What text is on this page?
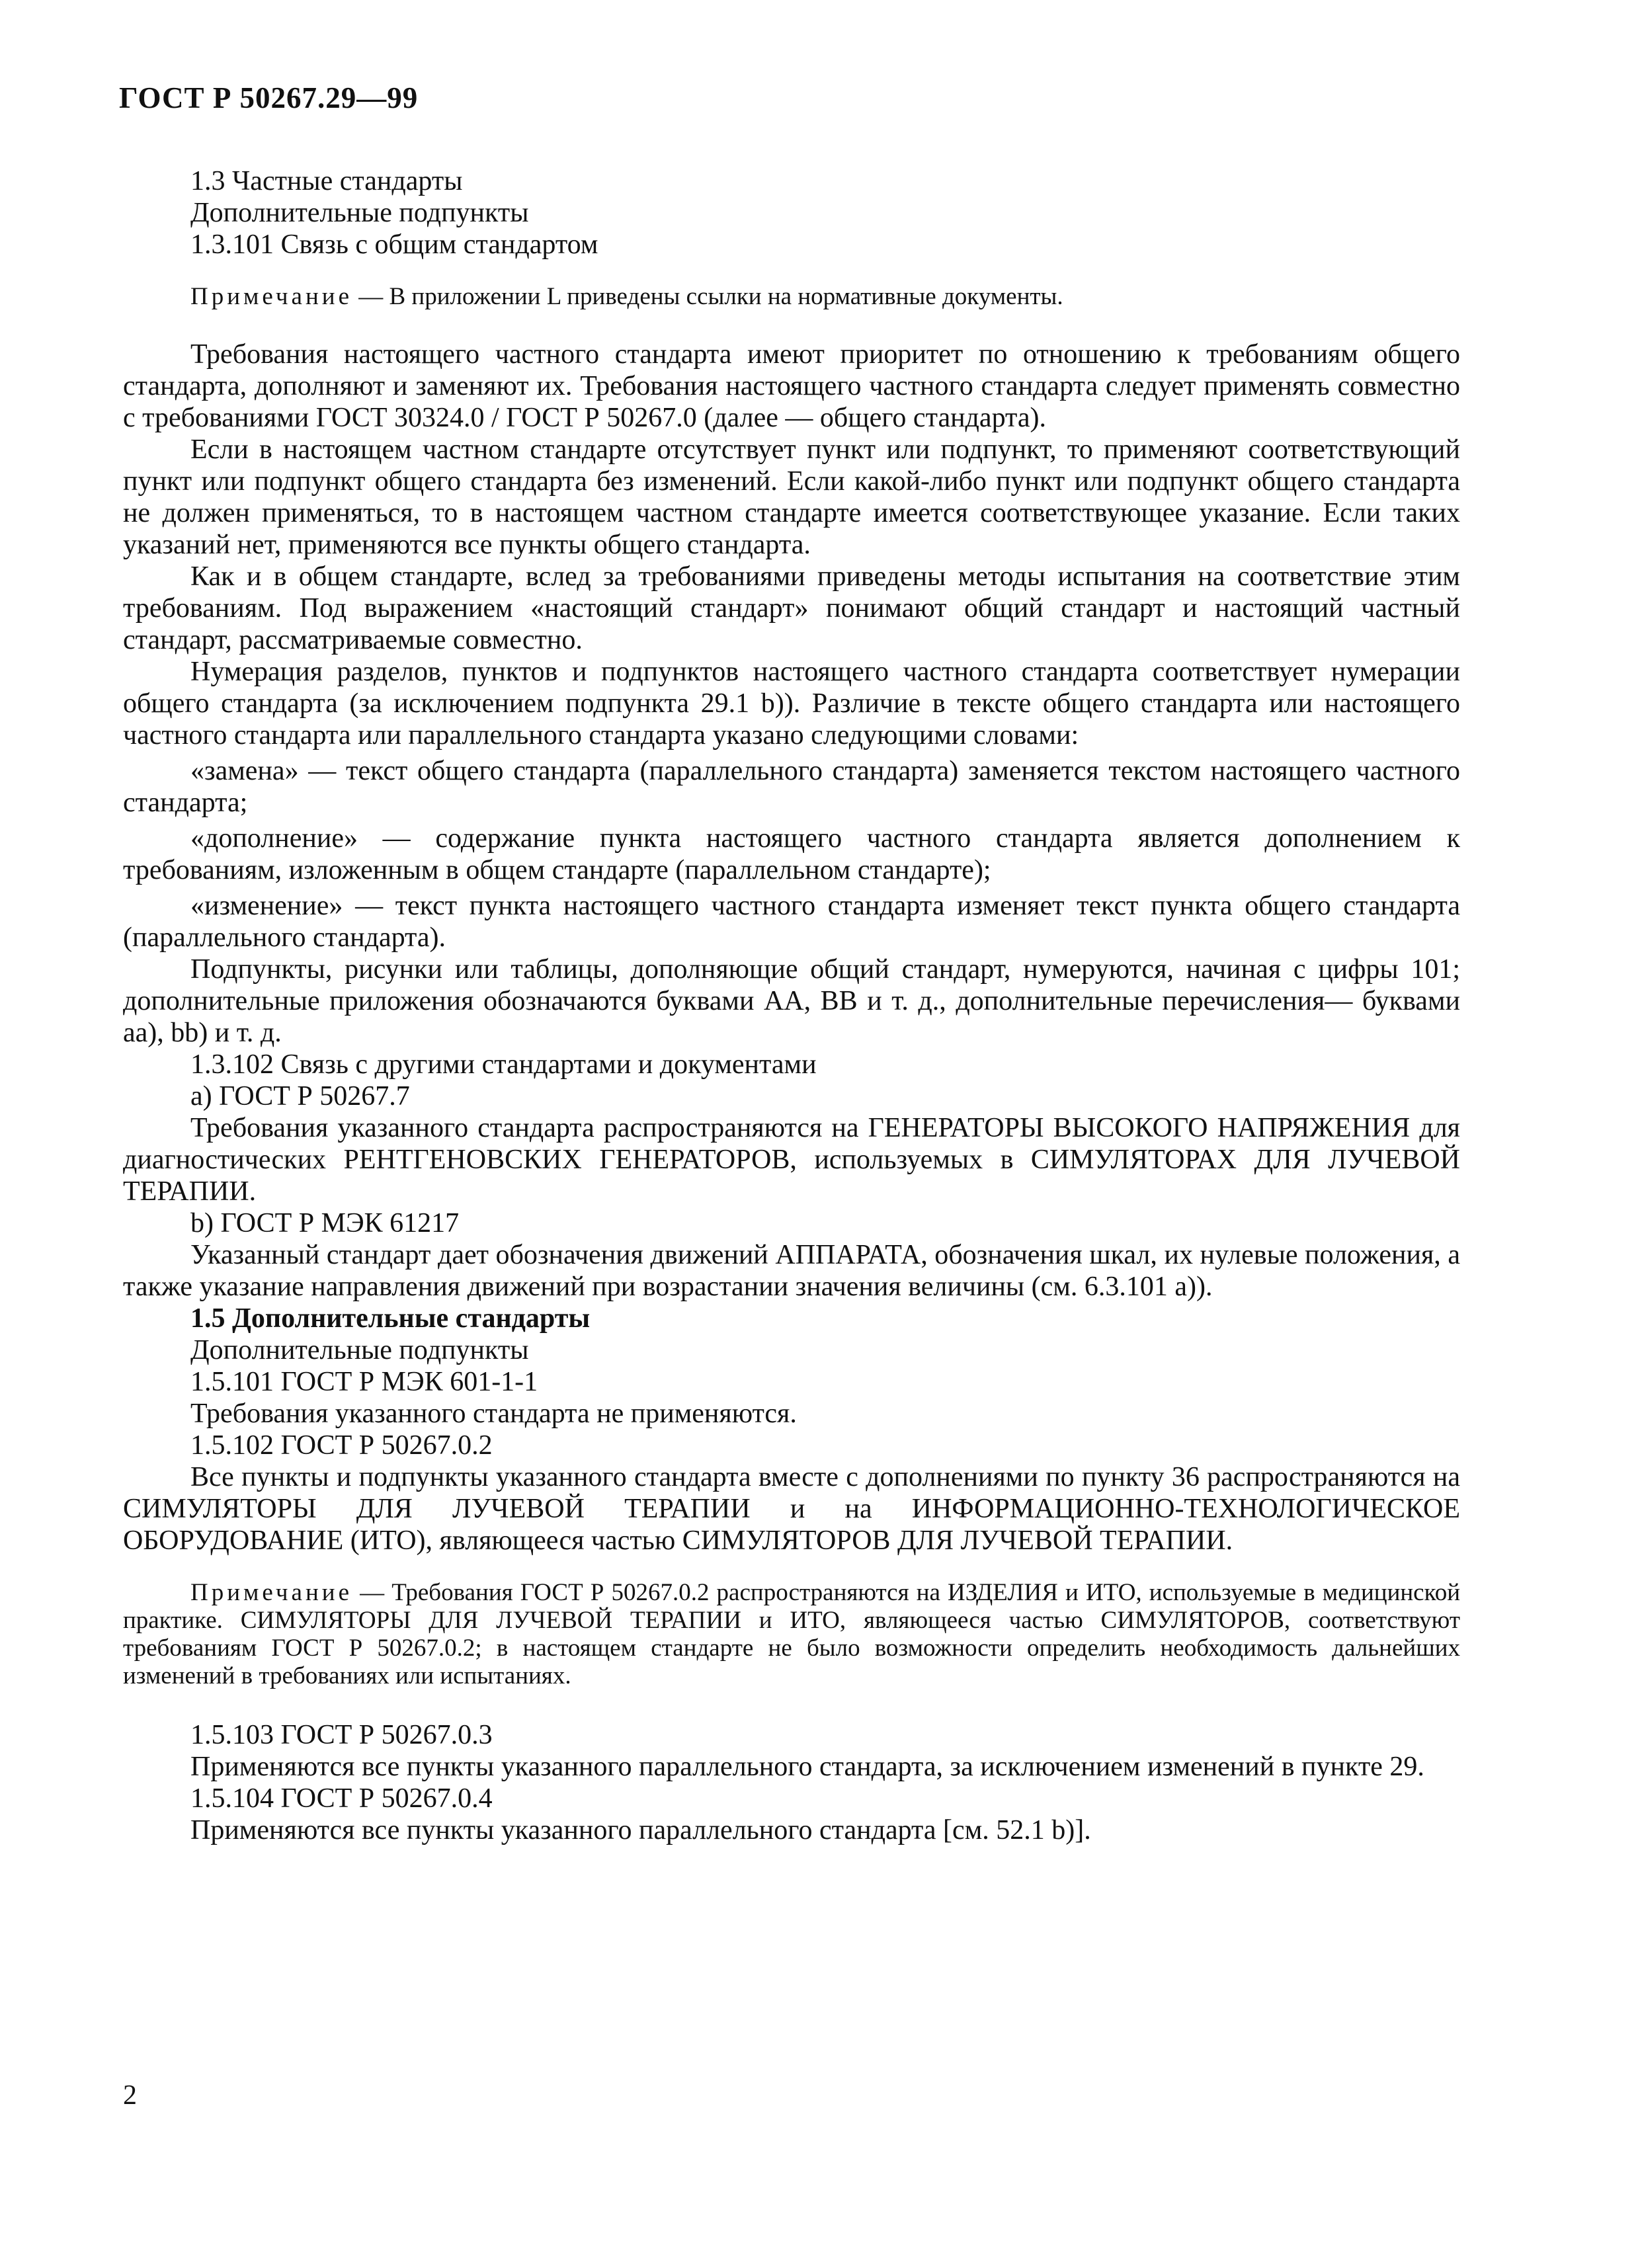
ГОСТ Р 50267.29—99
1.3 Частные стандарты
Дополнительные подпункты
1.3.101 Связь с общим стандартом

Примечание — В приложении L приведены ссылки на нормативные документы.

Требования настоящего частного стандарта имеют приоритет по отношению к требованиям общего стандарта, дополняют и заменяют их. Требования настоящего частного стандарта следует применять совместно с требованиями ГОСТ 30324.0 / ГОСТ Р 50267.0 (далее — общего стандарта).

Если в настоящем частном стандарте отсутствует пункт или подпункт, то применяют соответствующий пункт или подпункт общего стандарта без изменений. Если какой-либо пункт или подпункт общего стандарта не должен применяться, то в настоящем частном стандарте имеется соответствующее указание. Если таких указаний нет, применяются все пункты общего стандарта.

Как и в общем стандарте, вслед за требованиями приведены методы испытания на соответствие этим требованиям. Под выражением «настоящий стандарт» понимают общий стандарт и настоящий частный стандарт, рассматриваемые совместно.

Нумерация разделов, пунктов и подпунктов настоящего частного стандарта соответствует нумерации общего стандарта (за исключением подпункта 29.1 b)). Различие в тексте общего стандарта или настоящего частного стандарта или параллельного стандарта указано следующими словами:

«замена» — текст общего стандарта (параллельного стандарта) заменяется текстом настоящего частного стандарта;

«дополнение» — содержание пункта настоящего частного стандарта является дополнением к требованиям, изложенным в общем стандарте (параллельном стандарте);

«изменение» — текст пункта настоящего частного стандарта изменяет текст пункта общего стандарта (параллельного стандарта).

Подпункты, рисунки или таблицы, дополняющие общий стандарт, нумеруются, начиная с цифры 101; дополнительные приложения обозначаются буквами АА, ВВ и т. д., дополнительные перечисления— буквами аа), bb) и т. д.

1.3.102 Связь с другими стандартами и документами
a) ГОСТ Р 50267.7

Требования указанного стандарта распространяются на ГЕНЕРАТОРЫ ВЫСОКОГО НАПРЯЖЕНИЯ для диагностических РЕНТГЕНОВСКИХ ГЕНЕРАТОРОВ, используемых в СИМУЛЯТОРАХ ДЛЯ ЛУЧЕВОЙ ТЕРАПИИ.

b) ГОСТ Р МЭК 61217

Указанный стандарт дает обозначения движений АППАРАТА, обозначения шкал, их нулевые положения, а также указание направления движений при возрастании значения величины (см. 6.3.101 a)).

1.5 Дополнительные стандарты
Дополнительные подпункты
1.5.101 ГОСТ Р МЭК 601-1-1
Требования указанного стандарта не применяются.
1.5.102 ГОСТ Р 50267.0.2

Все пункты и подпункты указанного стандарта вместе с дополнениями по пункту 36 распространяются на СИМУЛЯТОРЫ ДЛЯ ЛУЧЕВОЙ ТЕРАПИИ и на ИНФОРМАЦИОННО-ТЕХНОЛОГИЧЕСКОЕ ОБОРУДОВАНИЕ (ИТО), являющееся частью СИМУЛЯТОРОВ ДЛЯ ЛУЧЕВОЙ ТЕРАПИИ.

Примечание — Требования ГОСТ Р 50267.0.2 распространяются на ИЗДЕЛИЯ и ИТО, используемые в медицинской практике. СИМУЛЯТОРЫ ДЛЯ ЛУЧЕВОЙ ТЕРАПИИ и ИТО, являющееся частью СИМУЛЯТОРОВ, соответствуют требованиям ГОСТ Р 50267.0.2; в настоящем стандарте не было возможности определить необходимость дальнейших изменений в требованиях или испытаниях.

1.5.103 ГОСТ Р 50267.0.3

Применяются все пункты указанного параллельного стандарта, за исключением изменений в пункте 29.

1.5.104 ГОСТ Р 50267.0.4

Применяются все пункты указанного параллельного стандарта [см. 52.1 b)].

2
